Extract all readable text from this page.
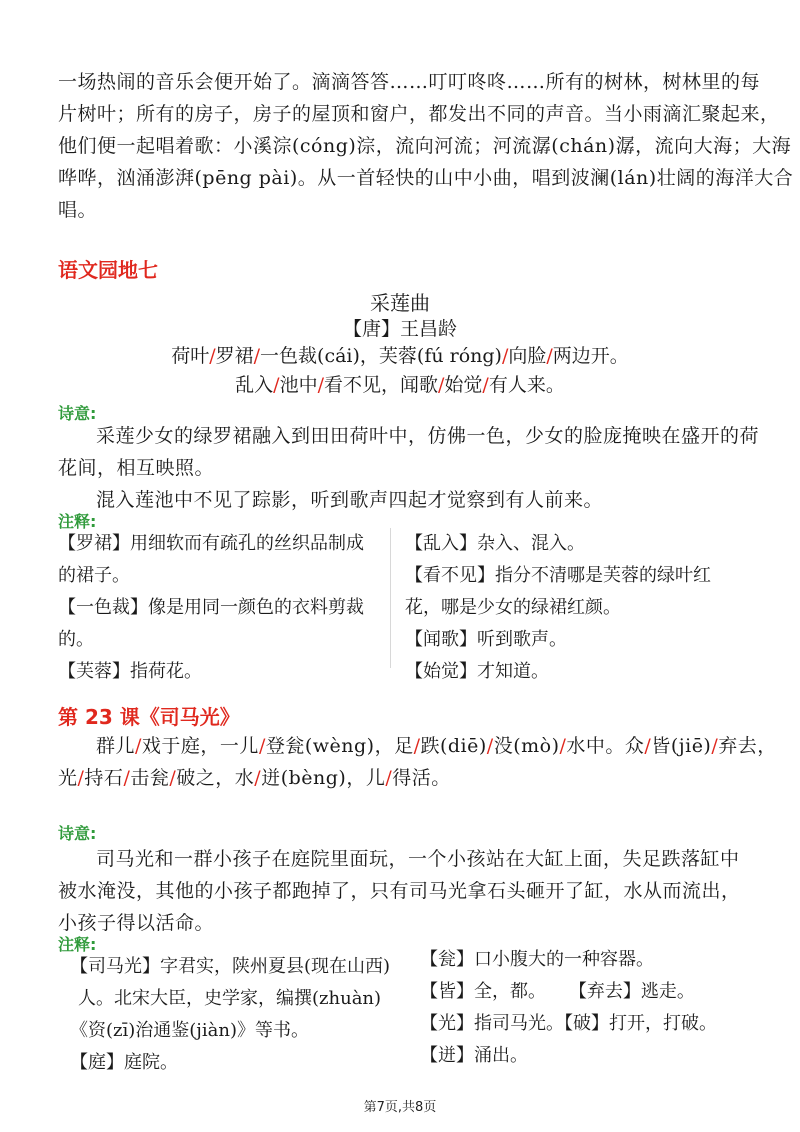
一场热闹的音乐会便开始了。滴滴答答……叮叮咚咚……所有的树林，树林里的每
片树叶；所有的房子，房子的屋顶和窗户，都发出不同的声音。当小雨滴汇聚起来，
他们便一起唱着歌：小溪淙(cóng)淙，流向河流；河流潺(chán)潺，流向大海；大海
哗哗，汹涌澎湃(pēng pài)。从一首轻快的山中小曲，唱到波澜(lán)壮阔的海洋大合
唱。
语文园地七
采莲曲
【唐】王昌龄
荷叶/罗裙/一色裁(cái)，芙蓉(fú róng)/向脸/两边开。
乱入/池中/看不见，闻歌/始觉/有人来。
诗意:
采莲少女的绿罗裙融入到田田荷叶中，仿佛一色，少女的脸庞掩映在盛开的荷
花间，相互映照。
混入莲池中不见了踪影，听到歌声四起才觉察到有人前来。
注释:
【罗裙】用细软而有疏孔的丝织品制成
的裙子。
【一色裁】像是用同一颜色的衣料剪裁
的。
【芙蓉】指荷花。
【乱入】杂入、混入。
【看不见】指分不清哪是芙蓉的绿叶红
花，哪是少女的绿裙红颜。
【闻歌】听到歌声。
【始觉】才知道。
第 23 课《司马光》
群儿/戏于庭，一儿/登瓮(wèng)，足/跌(diē)/没(mò)/水中。众/皆(jiē)/弃去，
光/持石/击瓮/破之，水/迸(bèng)，儿/得活。
诗意:
司马光和一群小孩子在庭院里面玩，一个小孩站在大缸上面，失足跌落缸中
被水淹没，其他的小孩子都跑掉了，只有司马光拿石头砸开了缸，水从而流出，
小孩子得以活命。
注释:
【司马光】字君实，陕州夏县(现在山西)
人。北宋大臣，史学家，编撰(zhuàn)
《资(zī)治通鉴(jiàn)》等书。
【庭】庭院。
【瓮】口小腹大的一种容器。
【皆】全，都。    【弃去】逃走。
【光】指司马光。【破】打开，打破。
【迸】涌出。
第7页,共8页
